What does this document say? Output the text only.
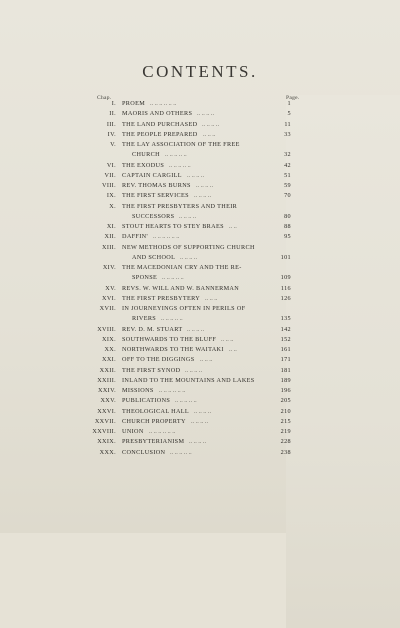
CONTENTS.
Chap.	Page.
I. PROEM .. .. .. .. .. ..	1
II. MAORIS AND OTHERS .. .. .. ..	5
III. THE LAND PURCHASED .. .. .. ..	11
IV. THE PEOPLE PREPARED .. .. ..	33
V. THE LAY ASSOCIATION OF THE FREE
CHURCH .. .. .. .. ..	32
VI. THE EXODUS .. .. .. .. ..	42
VII. CAPTAIN CARGILL .. .. .. ..	51
VIII. REV. THOMAS BURNS .. .. .. ..	59
IX. THE FIRST SERVICES .. .. .. ..	70
X. THE FIRST PRESBYTERS AND THEIR
SUCCESSORS .. .. .. ..	80
XI. STOUT HEARTS TO STEY BRAES .. ..	88
XII. DAFFIN' .. .. .. .. .. ..	95
XIII. NEW METHODS OF SUPPORTING CHURCH
AND SCHOOL .. .. .. ..	101
XIV. THE MACEDONIAN CRY AND THE RE-
SPONSE .. .. .. .. ..	109
XV. REVS. W. WILL AND W. BANNERMAN	116
XVI. THE FIRST PRESBYTERY .. .. ..	126
XVII. IN JOURNEYINGS OFTEN IN PERILS OF
RIVERS .. .. .. .. ..	135
XVIII. REV. D. M. STUART .. .. .. ..	142
XIX. SOUTHWARDS TO THE BLUFF .. .. ..	152
XX. NORTHWARDS TO THE WAITAKI .. ..	161
XXI. OFF TO THE DIGGINGS .. .. ..	171
XXII. THE FIRST SYNOD .. .. .. ..	181
XXIII. INLAND TO THE MOUNTAINS AND LAKES	189
XXIV. MISSIONS .. .. .. .. .. ..	196
XXV. PUBLICATIONS .. .. .. .. ..	205
XXVI. THEOLOGICAL HALL .. .. .. ..	210
XXVII. CHURCH PROPERTY .. .. .. ..	215
XXVIII. UNION .. .. .. .. .. ..	219
XXIX. PRESBYTERIANISM .. .. .. ..	228
XXX. CONCLUSION .. .. .. .. ..	238
